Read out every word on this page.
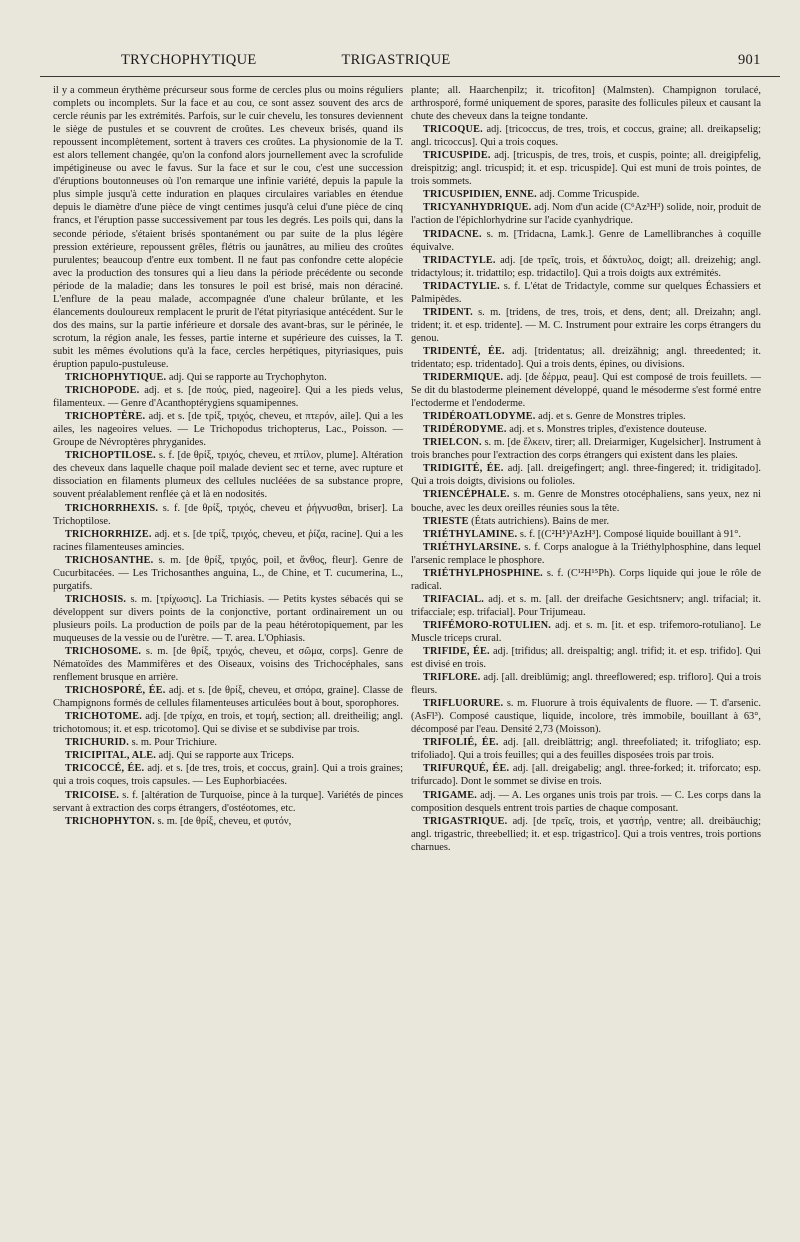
TRYCHOPHYTIQUE	TRIGASTRIQUE	901

il y a commeun érythème précurseur sous forme de cercles plus ou moins réguliers complets ou incomplets. Sur la face et au cou, ce sont assez souvent des arcs de cercle réunis par les extrémités. Parfois, sur le cuir chevelu, les tonsures deviennent le siège de pustules et se couvrent de croûtes. Les cheveux brisés, quand ils repoussent incomplètement, sortent à travers ces croûtes. La physionomie de la T. est alors tellement changée, qu'on la confond alors journellement avec la scrofulide impétigineuse ou avec le favus. Sur la face et sur le cou, c'est une succession d'éruptions boutonneuses où l'on remarque une infinie variété, depuis la papule la plus simple jusqu'à cette induration en plaques circulaires variables en étendue depuis le diamètre d'une pièce de vingt centimes jusqu'à celui d'une pièce de cinq francs, et l'éruption passe successivement par tous les degrés. Les poils qui, dans la seconde période, s'étaient brisés spontanément ou par suite de la plus légère pression extérieure, repoussent grêles, flétris ou jaunâtres, au milieu des croûtes purulentes; beaucoup d'entre eux tombent. Il ne faut pas confondre cette alopécie avec la production des tonsures qui a lieu dans la période précédente ou seconde période de la maladie; dans les tonsures le poil est brisé, mais non déraciné. L'enflure de la peau malade, accompagnée d'une chaleur brûlante, et les élancements douloureux remplacent le prurit de l'état pityriasique antécédent. Sur le dos des mains, sur la partie inférieure et dorsale des avant-bras, sur le périnée, le scrotum, la région anale, les fesses, partie interne et supérieure des cuisses, la T. subit les mêmes évolutions qu'à la face, cercles herpétiques, pityriasiques, puis éruption papulo-pustuleuse.

TRICHOPHYTIQUE. adj. Qui se rapporte au Trychophyton.

TRICHOPODE. adj. et s. [de πούς, pied, nageoire]. Qui a les pieds velus, filamenteux. — Genre d'Acanthoptérygiens squamipennes.

TRICHOPTÈRE. adj. et s. [de τρίξ, τριχός, cheveu, et πτερόν, aile]. Qui a les ailes, les nageoires velues. — Le Trichopodus trichopterus, Lac., Poisson. — Groupe de Névroptères phryganides.

TRICHOPTILOSE. s. f. [de θρίξ, τριχός, cheveu, et πτίλον, plume]. Altération des cheveux dans laquelle chaque poil malade devient sec et terne, avec rupture et dissociation en filaments plumeux des cellules nucléées de sa substance propre, souvent préalablement renflée çà et là en nodosités.

TRICHORRHEXIS. s. f. [de θρίξ, τριχός, cheveu et ῥήγνυσθαι, briser]. La Trichoptilose.

TRICHORRHIZE. adj. et s. [de τρίξ, τριχός, cheveu, et ῥίζα, racine]. Qui a les racines filamenteuses amincies.

TRICHOSANTHE. s. m. [de θρίξ, τριχός, poil, et ἄνθος, fleur]. Genre de Cucurbitacées. — Les Trichosanthes anguina, L., de Chine, et T. cucumerina, L., purgatifs.

TRICHOSIS. s. m. [τρίχωσις]. La Trichiasis. — Petits kystes sébacés qui se développent sur divers points de la conjonctive, portant ordinairement un ou plusieurs poils. La production de poils par de la peau hétérotopiquement, par les muqueuses de la vessie ou de l'urètre. — T. area. L'Ophiasis.

TRICHOSOME. s. m. [de θρίξ, τριχός, cheveu, et σῶμα, corps]. Genre de Nématoïdes des Mammifères et des Oiseaux, voisins des Trichocéphales, sans renflement brusque en arrière.

TRICHOSPORÉ, ÉE. adj. et s. [de θρίξ, cheveu, et σπόρα, graine]. Classe de Champignons formés de cellules filamenteuses articulées bout à bout, sporophores.

TRICHOTOME. adj. [de τρίχα, en trois, et τομή, section; all. dreitheilig; angl. trichotomous; it. et esp. tricotomo]. Qui se divise et se subdivise par trois.

TRICHURID. s. m. Pour Trichiure.

TRICIPITAL, ALE. adj. Qui se rapporte aux Triceps.

TRICOCCÉ, ÉE. adj. et s. [de tres, trois, et coccus, grain]. Qui a trois graines; qui a trois coques, trois capsules. — Les Euphorbiacées.

TRICOISE. s. f. [altération de Turquoise, pince à la turque]. Variétés de pinces servant à extraction des corps étrangers, d'ostéotomes, etc.

TRICHOPHYTON. s. m. [de θρίξ, cheveu, et φυτόν,

plante; all. Haarchenpilz; it. tricofiton] (Malmsten). Champignon torulacé, arthrosporé, formé uniquement de spores, parasite des follicules pileux et causant la chute des cheveux dans la teigne tondante.

TRICOQUE. adj. [tricoccus, de tres, trois, et coccus, graine; all. dreikapselig; angl. tricoccus]. Qui a trois coques.

TRICUSPIDE. adj. [tricuspis, de tres, trois, et cuspis, pointe; all. dreigipfelig, dreispitzig; angl. tricuspid; it. et esp. tricuspide]. Qui est muni de trois pointes, de trois sommets.

TRICUSPIDIEN, ENNE. adj. Comme Tricuspide.

TRICYANHYDRIQUE. adj. Nom d'un acide (C⁶Az³H³) solide, noir, produit de l'action de l'épichlorhydrine sur l'acide cyanhydrique.

TRIDACNE. s. m. [Tridacna, Lamk.]. Genre de Lamellibranches à coquille équivalve.

TRIDACTYLE. adj. [de τρεῖς, trois, et δάκτυλος, doigt; all. dreizehig; angl. tridactylous; it. tridattilo; esp. tridactilo]. Qui a trois doigts aux extrémités.

TRIDACTYLIE. s. f. L'état de Tridactyle, comme sur quelques Échassiers et Palmipèdes.

TRIDENT. s. m. [tridens, de tres, trois, et dens, dent; all. Dreizahn; angl. trident; it. et esp. tridente]. — M. C. Instrument pour extraire les corps étrangers du genou.

TRIDENTÉ, ÉE. adj. [tridentatus; all. dreizähnig; angl. threedented; it. tridentato; esp. tridentado]. Qui a trois dents, épines, ou divisions.

TRIDERMIQUE. adj. [de δέρμα, peau]. Qui est composé de trois feuillets. — Se dit du blastoderme pleinement développé, quand le mésoderme s'est formé entre l'ectoderme et l'endoderme.

TRIDÉROATLODYME. adj. et s. Genre de Monstres triples.

TRIDÉRODYME. adj. et s. Monstres triples, d'existence douteuse.

TRIELCON. s. m. [de ἕλκειν, tirer; all. Dreiarmiger, Kugelsicher]. Instrument à trois branches pour l'extraction des corps étrangers qui existent dans les plaies.

TRIDIGITÉ, ÉE. adj. [all. dreigefingert; angl. three-fingered; it. tridigitado]. Qui a trois doigts, divisions ou folioles.

TRIENCÉPHALE. s. m. Genre de Monstres otocéphaliens, sans yeux, nez ni bouche, avec les deux oreilles réunies sous la tête.

TRIESTE (États autrichiens). Bains de mer.

TRIÉTHYLAMINE. s. f. [(C²H⁵)³AzH³]. Composé liquide bouillant à 91°.

TRIÉTHYLARSINE. s. f. Corps analogue à la Triéthylphosphine, dans lequel l'arsenic remplace le phosphore.

TRIÉTHYLPHOSPHINE. s. f. (C¹²H¹⁵Ph). Corps liquide qui joue le rôle de radical.

TRIFACIAL. adj. et s. m. [all. der dreifache Gesichtsnerv; angl. trifacial; it. trifacciale; esp. trifacial]. Pour Trijumeau.

TRIFÉMORO-ROTULIEN. adj. et s. m. [it. et esp. trifemoro-rotuliano]. Le Muscle triceps crural.

TRIFIDE, ÉE. adj. [trifidus; all. dreispaltig; angl. trifid; it. et esp. trifido]. Qui est divisé en trois.

TRIFLORE. adj. [all. dreiblümig; angl. threeflowered; esp. trifloro]. Qui a trois fleurs.

TRIFLUORURE. s. m. Fluorure à trois équivalents de fluore. — T. d'arsenic. (AsFl³). Composé caustique, liquide, incolore, très immobile, bouillant à 63°, décomposé par l'eau. Densité 2,73 (Moisson).

TRIFOLIÉ, ÉE. adj. [all. dreiblättrig; angl. threefoliated; it. trifogliato; esp. trifoliado]. Qui a trois feuilles; qui a des feuilles disposées trois par trois.

TRIFURQUÉ, ÉE. adj. [all. dreigabelig; angl. three-forked; it. triforcato; esp. trifurcado]. Dont le sommet se divise en trois.

TRIGAME. adj. — A. Les organes unis trois par trois. — C. Les corps dans la composition desquels entrent trois parties de chaque composant.

TRIGASTRIQUE. adj. [de τρεῖς, trois, et γαστήρ, ventre; all. dreibäuchig; angl. trigastric, threebellied; it. et esp. trigastrico]. Qui a trois ventres, trois portions charnues.
